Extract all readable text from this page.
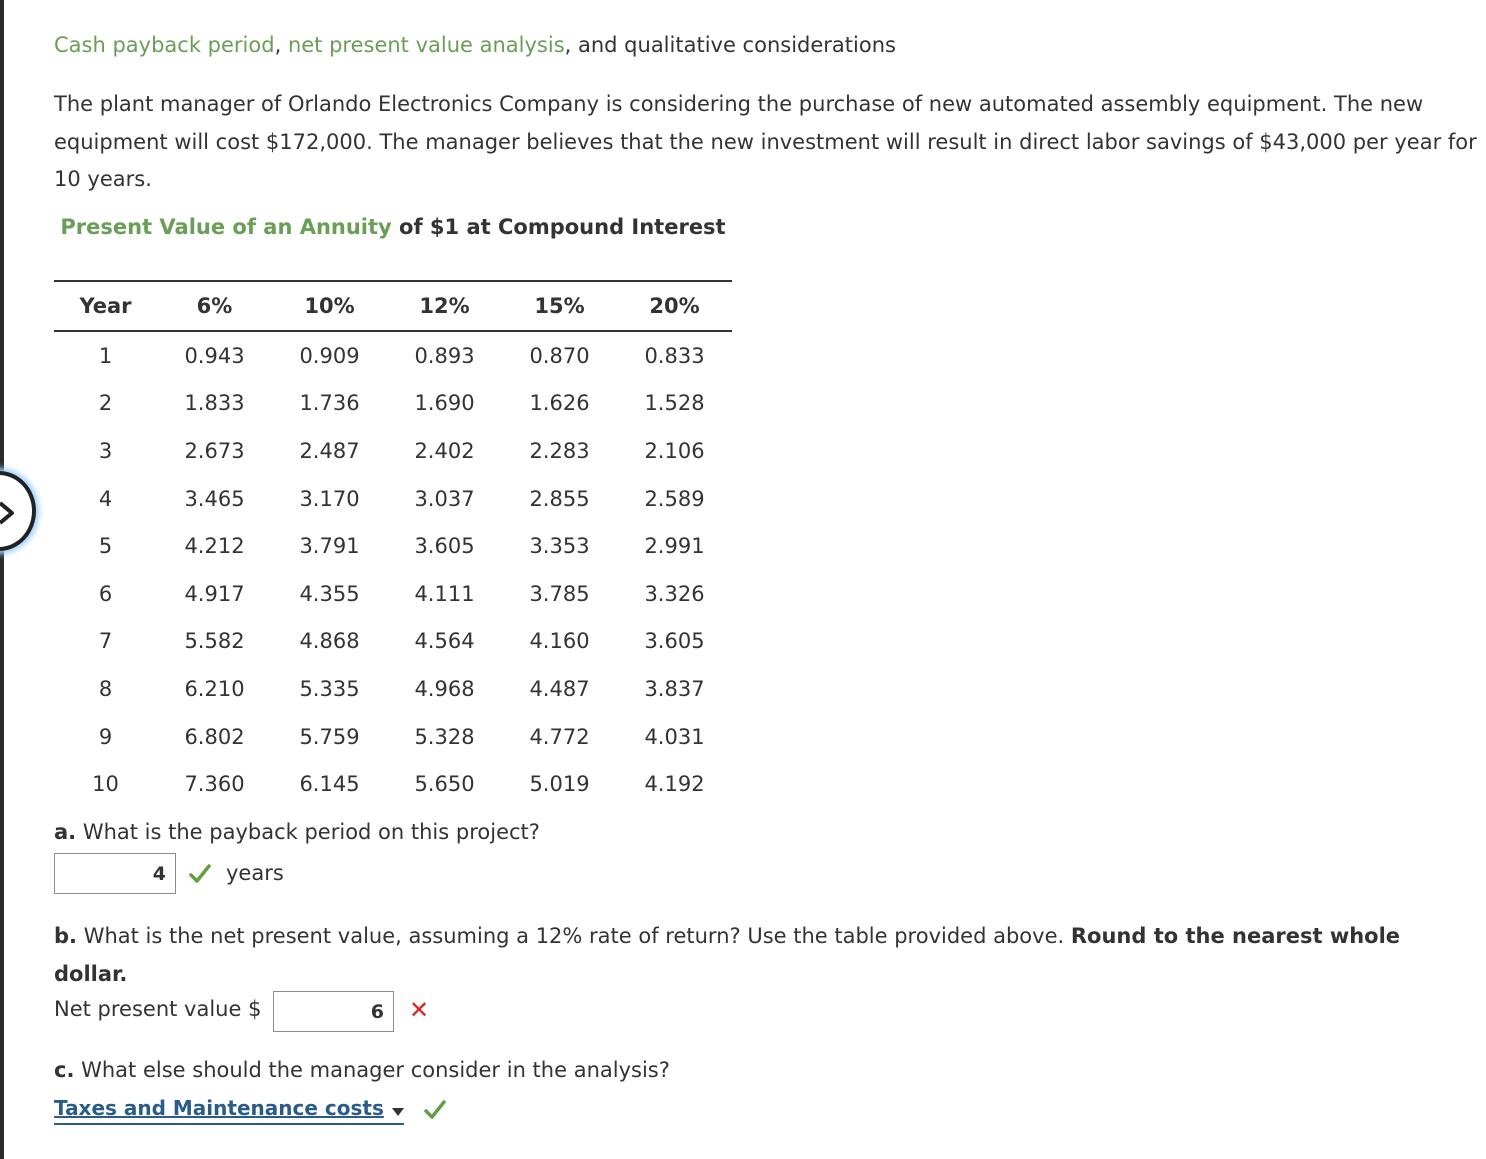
Cash payback period, net present value analysis, and qualitative considerations
The plant manager of Orlando Electronics Company is considering the purchase of new automated assembly equipment. The new equipment will cost $172,000. The manager believes that the new investment will result in direct labor savings of $43,000 per year for 10 years.
Present Value of an Annuity of $1 at Compound Interest
Year	6%	10%	12%	15%	20%
1	0.943	0.909	0.893	0.870	0.833
2	1.833	1.736	1.690	1.626	1.528
3	2.673	2.487	2.402	2.283	2.106
4	3.465	3.170	3.037	2.855	2.589
5	4.212	3.791	3.605	3.353	2.991
6	4.917	4.355	4.111	3.785	3.326
7	5.582	4.868	4.564	4.160	3.605
8	6.210	5.335	4.968	4.487	3.837
9	6.802	5.759	5.328	4.772	4.031
10	7.360	6.145	5.650	5.019	4.192
a. What is the payback period on this project?
4	years
b. What is the net present value, assuming a 12% rate of return? Use the table provided above. Round to the nearest whole dollar.
Net present value $	6	✕
c. What else should the manager consider in the analysis?
Taxes and Maintenance costs
